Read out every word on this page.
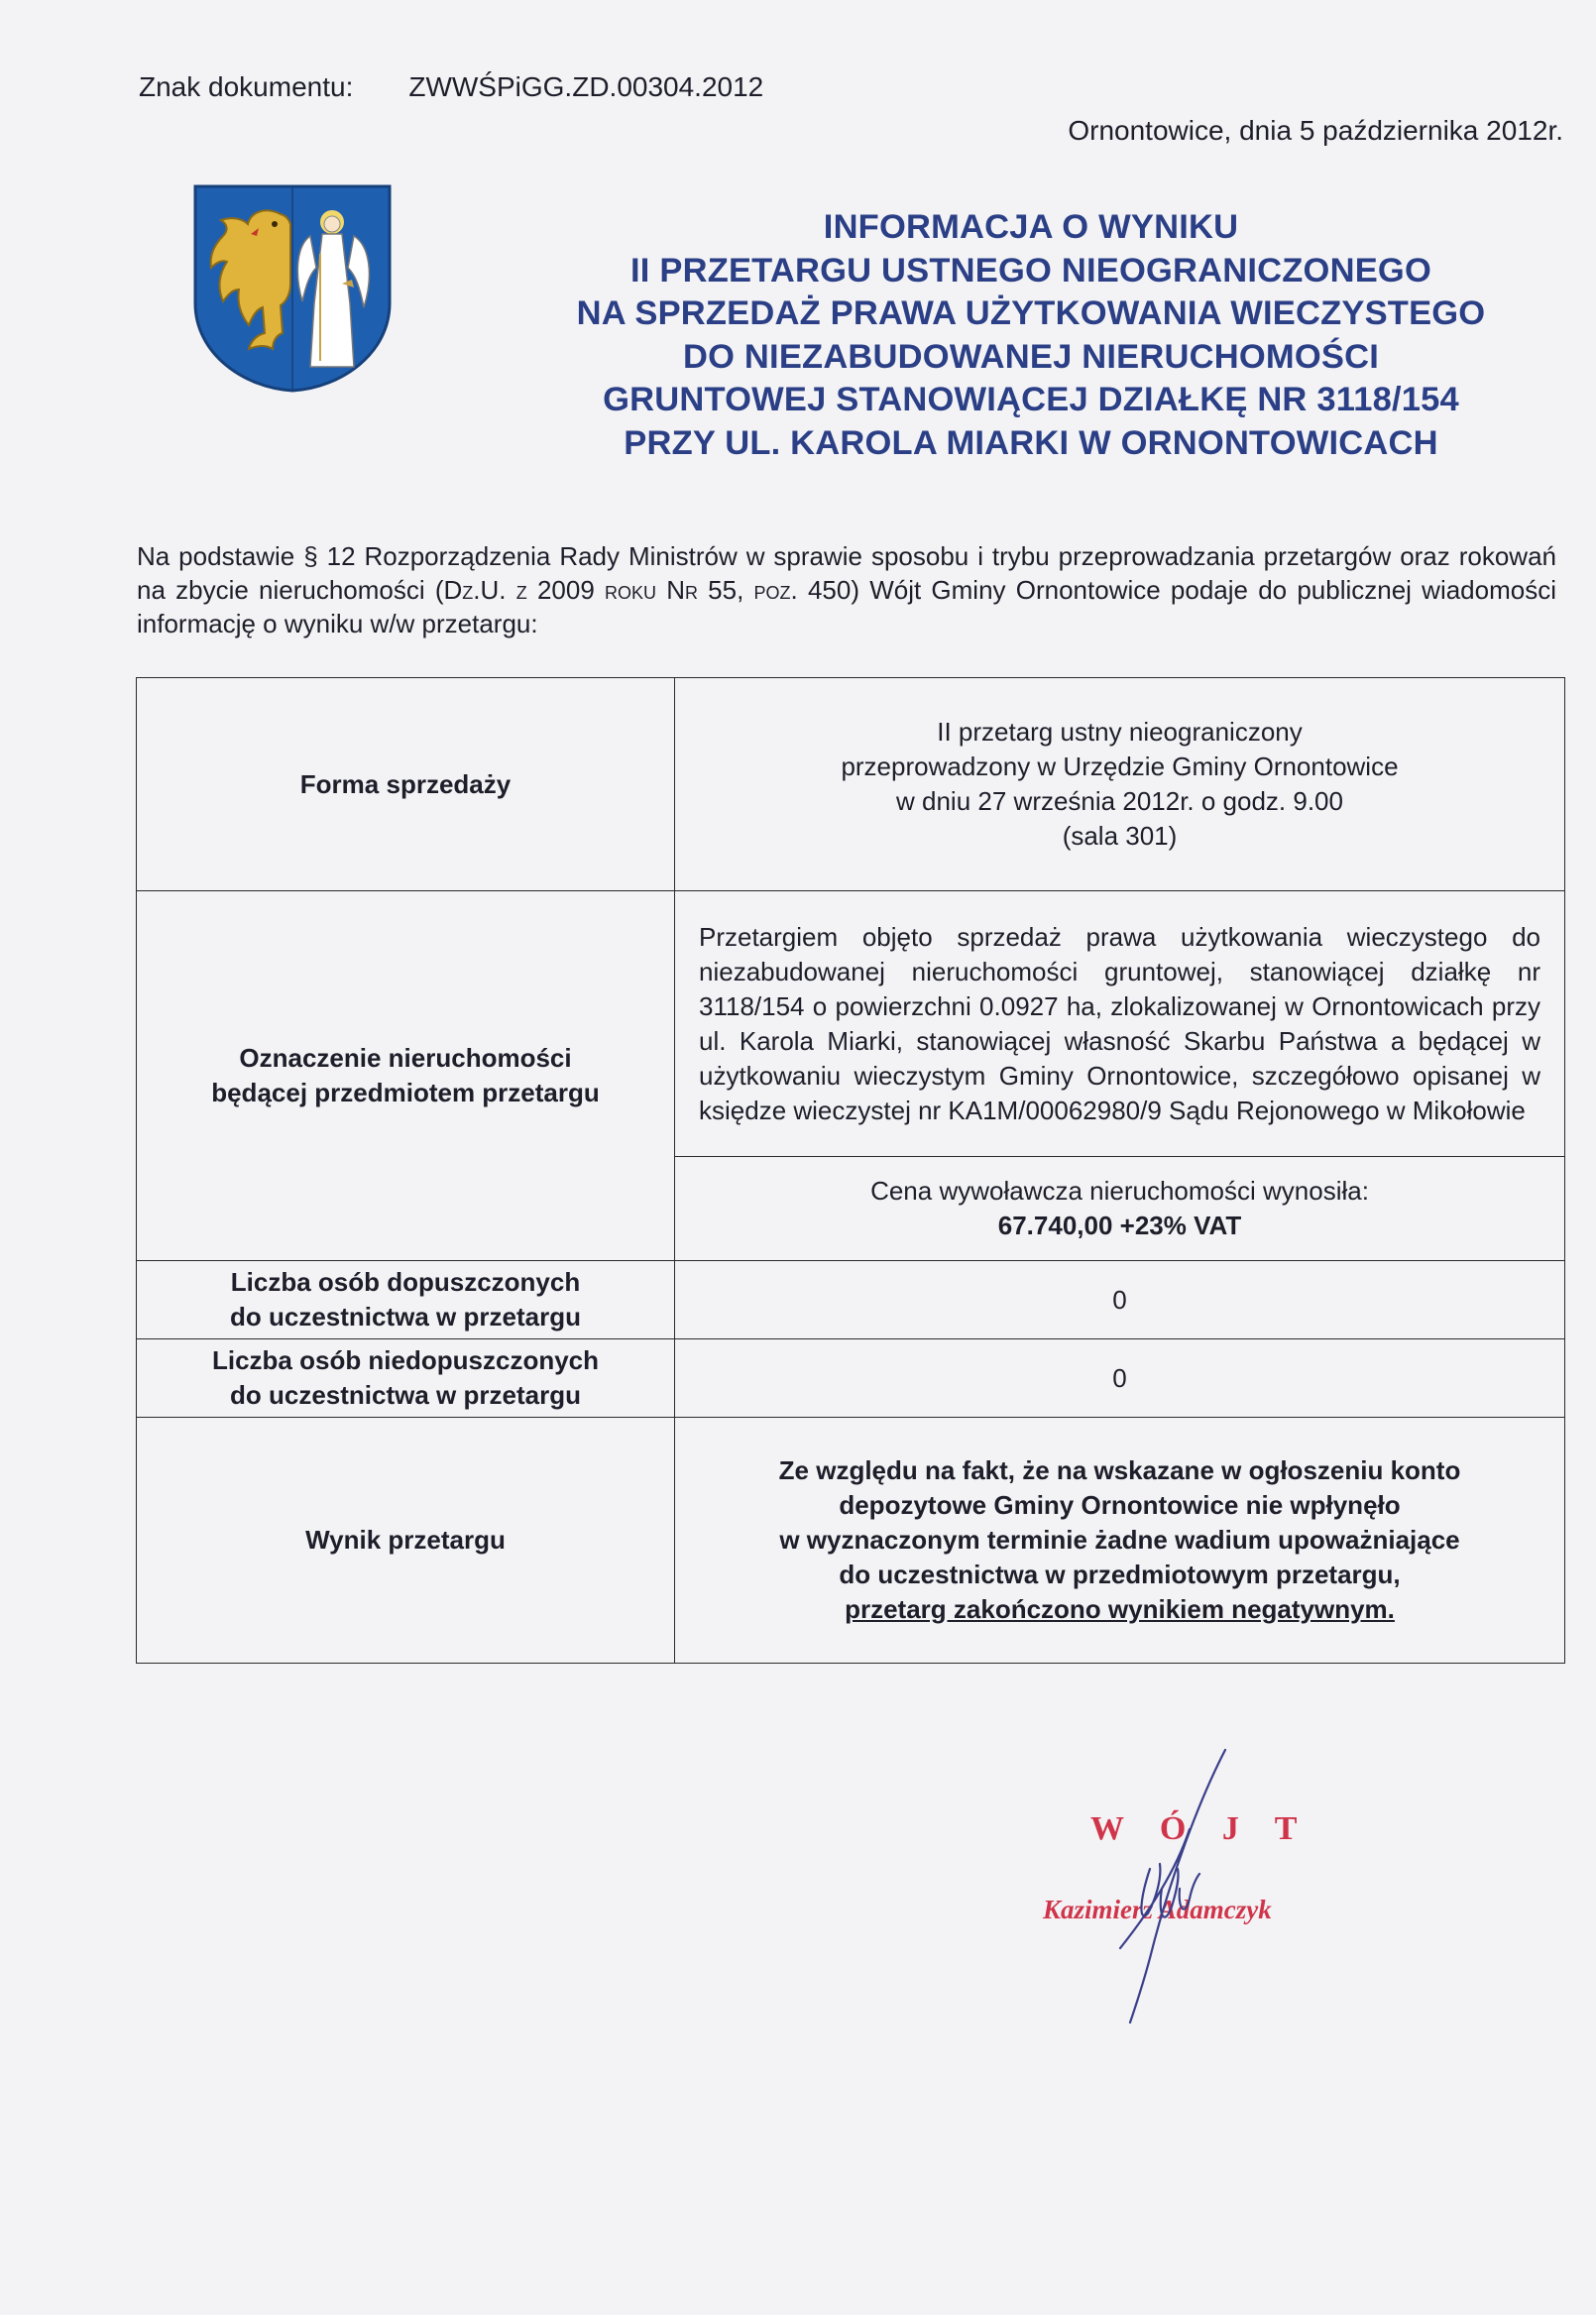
Znak dokumentu: ZWWŚPiGG.ZD.00304.2012
Ornontowice, dnia 5 października 2012r.
INFORMACJA O WYNIKU
II PRZETARGU USTNEGO NIEOGRANICZONEGO
NA SPRZEDAŻ PRAWA UŻYTKOWANIA WIECZYSTEGO
DO NIEZABUDOWANEJ NIERUCHOMOŚCI
GRUNTOWEJ STANOWIĄCEJ DZIAŁKĘ NR 3118/154
PRZY UL. KAROLA MIARKI W ORNONTOWICACH
Na podstawie § 12 Rozporządzenia Rady Ministrów w sprawie sposobu i trybu przeprowadzania przetargów oraz rokowań na zbycie nieruchomości (Dz.U. z 2009 roku Nr 55, poz. 450) Wójt Gminy Ornontowice podaje do publicznej wiadomości informację o wyniku w/w przetargu:
Forma sprzedaży	II przetarg ustny nieograniczony
przeprowadzony w Urzędzie Gminy Ornontowice
w dniu 27 września 2012r. o godz. 9.00
(sala 301)

Oznaczenie nieruchomości
będącej przedmiotem przetargu	Przetargiem objęto sprzedaż prawa użytkowania wieczystego do niezabudowanej nieruchomości gruntowej, stanowiącej działkę nr 3118/154 o powierzchni 0.0927 ha, zlokalizowanej w Ornontowicach przy ul. Karola Miarki, stanowiącej własność Skarbu Państwa a będącej w użytkowaniu wieczystym Gminy Ornontowice, szczegółowo opisanej w księdze wieczystej nr KA1M/00062980/9 Sądu Rejonowego w Mikołowie

	Cena wywoławcza nieruchomości wynosiła:
67.740,00 +23% VAT

Liczba osób dopuszczonych
do uczestnictwa w przetargu	0

Liczba osób niedopuszczonych
do uczestnictwa w przetargu	0
Wynik przetargu	Ze względu na fakt, że na wskazane w ogłoszeniu konto
depozytowe Gminy Ornontowice nie wpłynęło
w wyznaczonym terminie żadne wadium upoważniające
do uczestnictwa w przedmiotowym przetargu,
przetarg zakończono wynikiem negatywnym.
W Ó J T
Kazimierz Adamczyk
